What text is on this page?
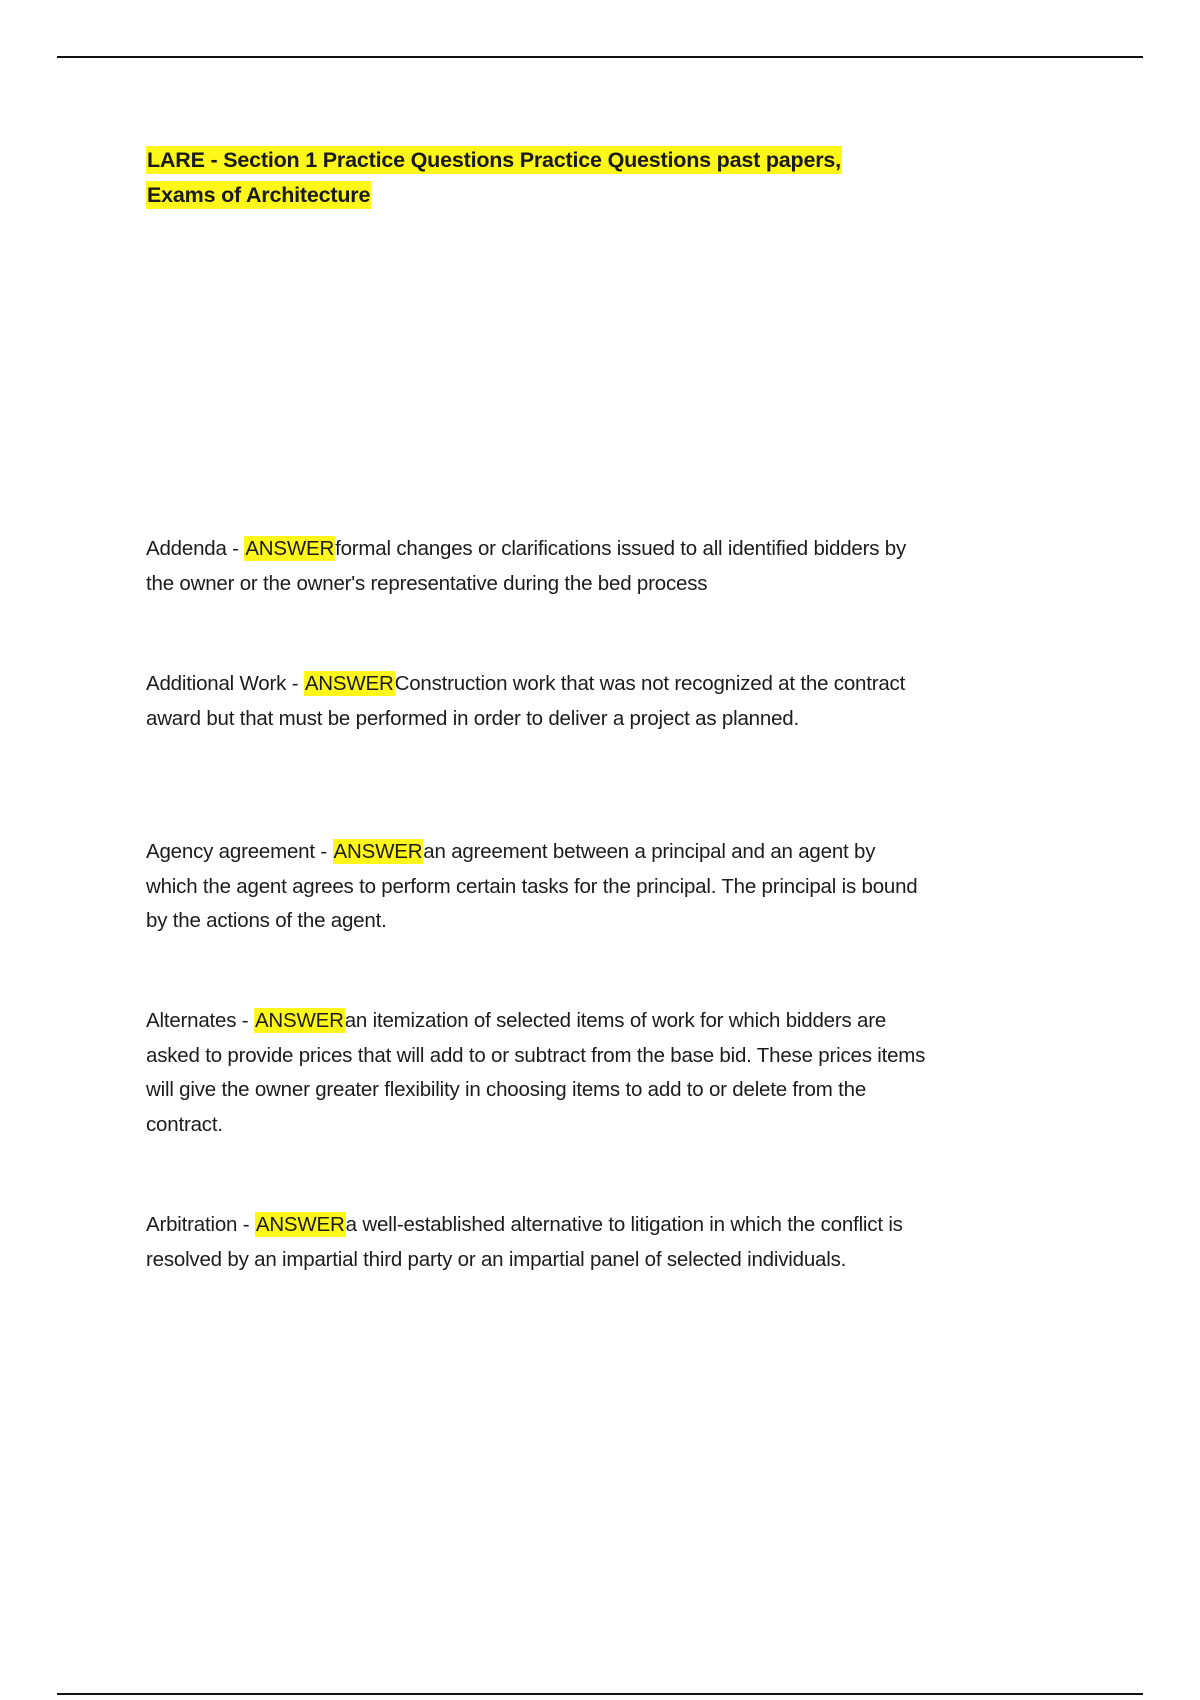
LARE - Section 1 Practice Questions Practice Questions past papers, Exams of Architecture

Addenda - ANSWERformal changes or clarifications issued to all identified bidders by the owner or the owner's representative during the bed process

Additional Work - ANSWERConstruction work that was not recognized at the contract award but that must be performed in order to deliver a project as planned.

Agency agreement - ANSWERan agreement between a principal and an agent by which the agent agrees to perform certain tasks for the principal. The principal is bound by the actions of the agent.

Alternates - ANSWERan itemization of selected items of work for which bidders are asked to provide prices that will add to or subtract from the base bid. These prices items will give the owner greater flexibility in choosing items to add to or delete from the contract.

Arbitration - ANSWERa well-established alternative to litigation in which the conflict is resolved by an impartial third party or an impartial panel of selected individuals.
